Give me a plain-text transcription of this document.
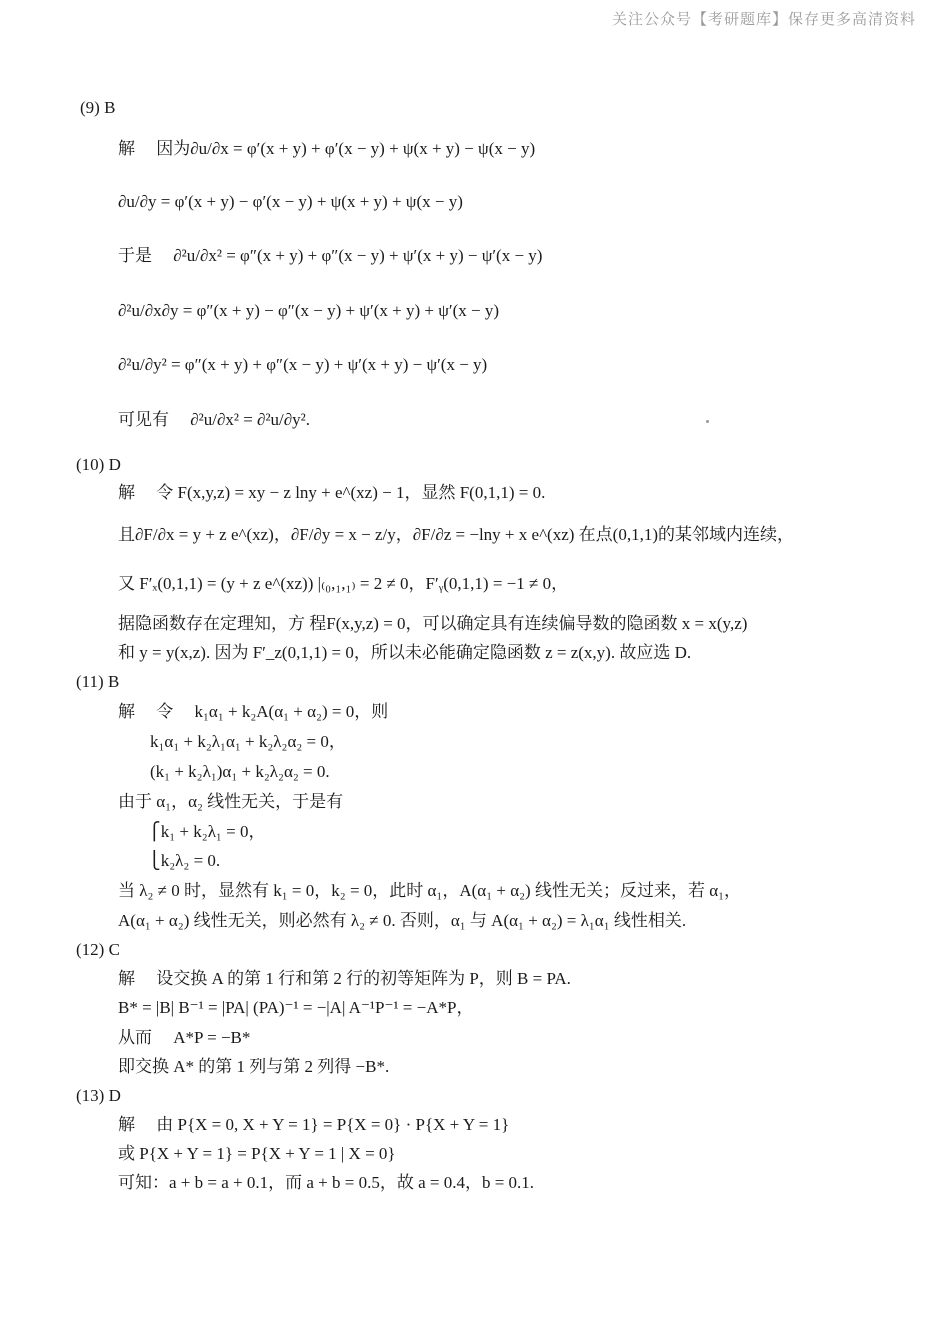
关注公众号【考研题库】保存更多高清资料
(9) B
解　 因为∂u/∂x = φ′(x + y) + φ′(x − y) + ψ(x + y) − ψ(x − y)
∂u/∂y = φ′(x + y) − φ′(x − y) + ψ(x + y) + ψ(x − y)
于是　 ∂²u/∂x² = φ″(x + y) + φ″(x − y) + ψ′(x + y) − ψ′(x − y)
∂²u/∂x∂y = φ″(x + y) − φ″(x − y) + ψ′(x + y) + ψ′(x − y)
∂²u/∂y² = φ″(x + y) + φ″(x − y) + ψ′(x + y) − ψ′(x − y)
可见有　 ∂²u/∂x² = ∂²u/∂y².
(10) D
解　 令 F(x,y,z) = xy − z lny + e^(xz) − 1，显然 F(0,1,1) = 0.
且∂F/∂x = y + z e^(xz)，∂F/∂y = x − z/y，∂F/∂z = −lny + x e^(xz) 在点(0,1,1)的某邻域内连续，
又 F′ₓ(0,1,1) = (y + z e^(xz)) |₍₀,₁,₁₎ = 2 ≠ 0，F′ᵧ(0,1,1) = −1 ≠ 0，
据隐函数存在定理知，方 程F(x,y,z) = 0，可以确定具有连续偏导数的隐函数 x = x(y,z)
和 y = y(x,z). 因为 F′_z(0,1,1) = 0，所以未必能确定隐函数 z = z(x,y). 故应选 D.
(11) B
解　 令　 k₁α₁ + k₂A(α₁ + α₂) = 0，则
k₁α₁ + k₂λ₁α₁ + k₂λ₂α₂ = 0，
(k₁ + k₂λ₁)α₁ + k₂λ₂α₂ = 0.
由于 α₁，α₂ 线性无关，于是有
⎧k₁ + k₂λ₁ = 0，
⎩k₂λ₂ = 0.
当 λ₂ ≠ 0 时，显然有 k₁ = 0，k₂ = 0，此时 α₁，A(α₁ + α₂) 线性无关；反过来，若 α₁，
A(α₁ + α₂) 线性无关，则必然有 λ₂ ≠ 0. 否则，α₁ 与 A(α₁ + α₂) = λ₁α₁ 线性相关.
(12) C
解　 设交换 A 的第 1 行和第 2 行的初等矩阵为 P，则 B = PA.
B* = |B| B⁻¹ = |PA| (PA)⁻¹ = −|A| A⁻¹P⁻¹ = −A*P，
从而　 A*P = −B*
即交换 A* 的第 1 列与第 2 列得 −B*.
(13) D
解　 由 P{X = 0, X + Y = 1} = P{X = 0} · P{X + Y = 1}
或 P{X + Y = 1} = P{X + Y = 1 | X = 0}
可知：a + b = a + 0.1，而 a + b = 0.5，故 a = 0.4，b = 0.1.
